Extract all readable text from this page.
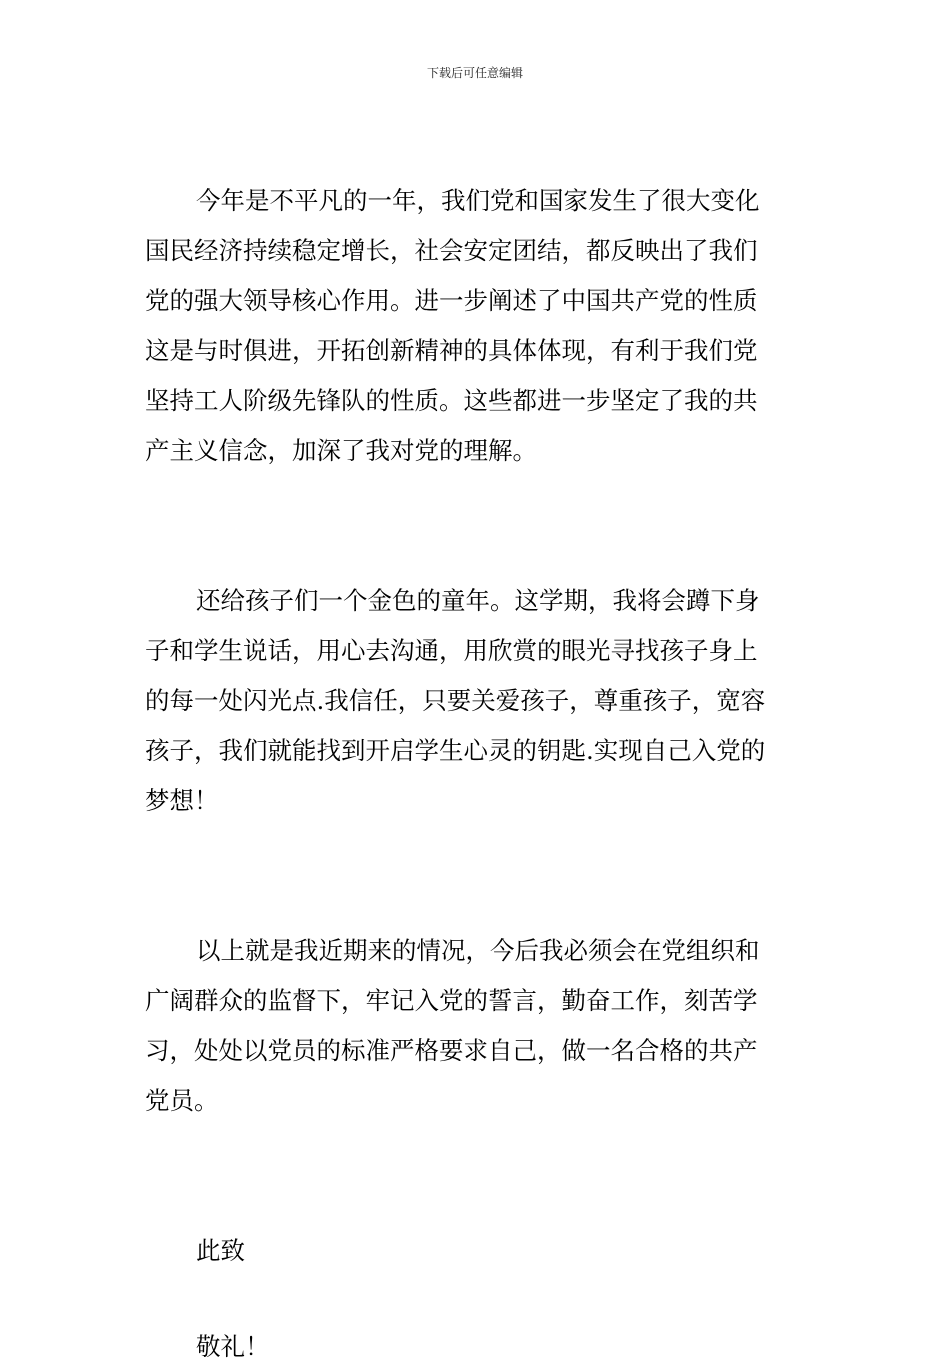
下载后可任意编辑
今年是不平凡的一年，我们党和国家发生了很大变化
国民经济持续稳定增长，社会安定团结，都反映出了我们
党的强大领导核心作用。进一步阐述了中国共产党的性质
这是与时俱进，开拓创新精神的具体体现，有利于我们党
坚持工人阶级先锋队的性质。这些都进一步坚定了我的共
产主义信念，加深了我对党的理解。
还给孩子们一个金色的童年。这学期，我将会蹲下身
子和学生说话，用心去沟通，用欣赏的眼光寻找孩子身上
的每一处闪光点.我信任，只要关爱孩子，尊重孩子，宽容
孩子，我们就能找到开启学生心灵的钥匙.实现自己入党的
梦想！
以上就是我近期来的情况，今后我必须会在党组织和
广阔群众的监督下，牢记入党的誓言，勤奋工作，刻苦学
习，处处以党员的标准严格要求自己，做一名合格的共产
党员。
此致
敬礼！
